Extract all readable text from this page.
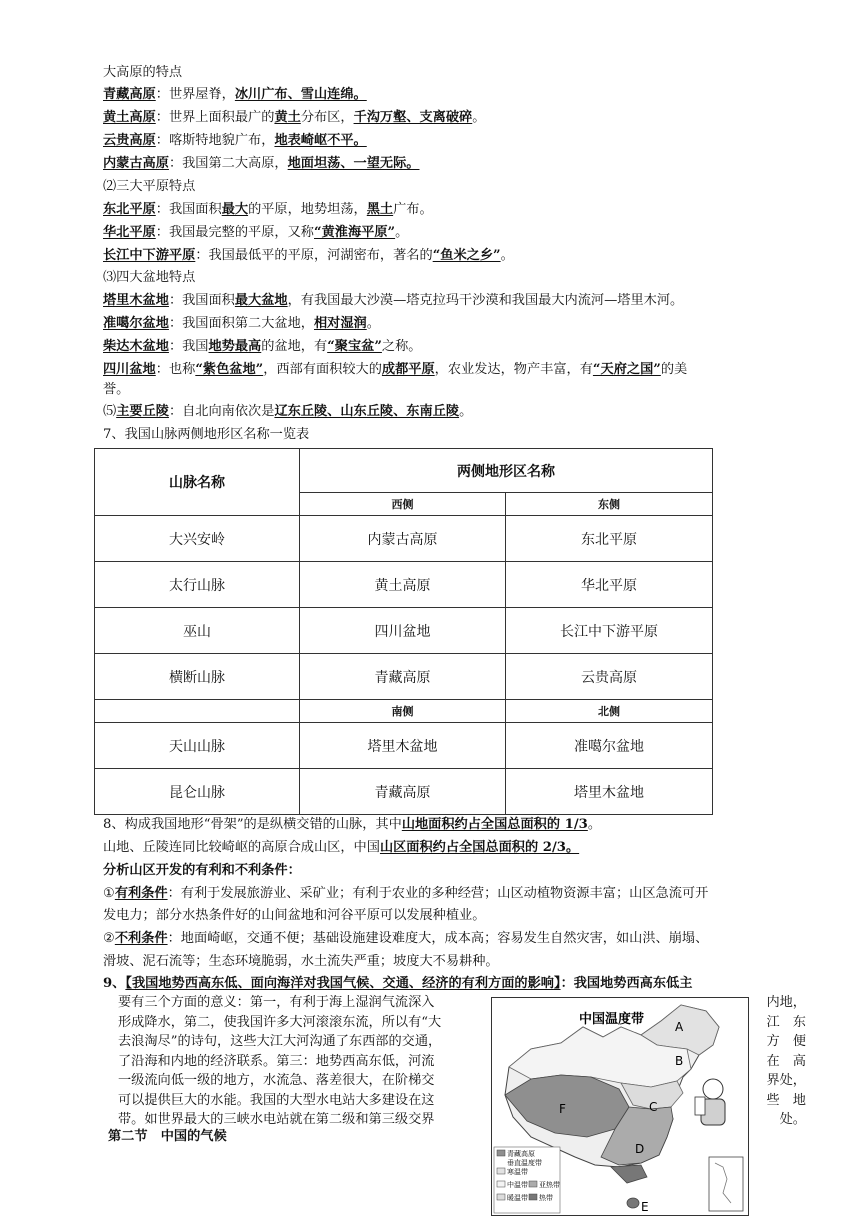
大高原的特点
青藏高原：世界屋脊，冰川广布、雪山连绵。
黄土高原：世界上面积最广的黄土分布区，千沟万壑、支离破碎。
云贵高原：喀斯特地貌广布，地表崎岖不平。
内蒙古高原：我国第二大高原，地面坦荡、一望无际。
⑵三大平原特点
东北平原：我国面积最大的平原，地势坦荡，黑土广布。
华北平原：我国最完整的平原，又称“黄淮海平原”。
长江中下游平原：我国最低平的平原，河湖密布，著名的“鱼米之乡”。
⑶四大盆地特点
塔里木盆地：我国面积最大盆地，有我国最大沙漠—塔克拉玛干沙漠和我国最大内流河—塔里木河。
准噶尔盆地：我国面积第二大盆地，相对湿润。
柴达木盆地：我国地势最高的盆地，有“聚宝盆”之称。
四川盆地：也称“紫色盆地”，西部有面积较大的成都平原，农业发达，物产丰富，有“天府之国”的美
誉。
⑸主要丘陵：自北向南依次是辽东丘陵、山东丘陵、东南丘陵。
7、我国山脉两侧地形区名称一览表
山脉名称	两侧地形区名称	
	西侧	东侧
大兴安岭	内蒙古高原	东北平原
太行山脉	黄土高原	华北平原
巫山	四川盆地	长江中下游平原
横断山脉	青藏高原	云贵高原
	南侧	北侧
天山山脉	塔里木盆地	准噶尔盆地
昆仑山脉	青藏高原	塔里木盆地
8、构成我国地形“骨架”的是纵横交错的山脉，其中山地面积约占全国总面积的 1/3。
山地、丘陵连同比较崎岖的高原合成山区，中国山区面积约占全国总面积的 2/3。
分析山区开发的有利和不利条件：
①有利条件：有利于发展旅游业、采矿业；有利于农业的多种经营；山区动植物资源丰富；山区急流可开
发电力；部分水热条件好的山间盆地和河谷平原可以发展种植业。
②不利条件：地面崎岖，交通不便；基础设施建设难度大，成本高；容易发生自然灾害，如山洪、崩塌、
滑坡、泥石流等；生态环境脆弱，水土流失严重；坡度大不易耕种。
9、【我国地势西高东低、面向海洋对我国气候、交通、经济的有利方面的影响】：我国地势西高东低主
要有三个方面的意义：第一，有利于海上湿润气流深入
形成降水，第二，使我国许多大河滚滚东流，所以有“大
去浪淘尽”的诗句，这些大江大河沟通了东西部的交通，
了沿海和内地的经济联系。第三：地势西高东低，河流
一级流向低一级的地方，水流急、落差很大，在阶梯交
可以提供巨大的水能。我国的大型水电站大多建设在这
带。如世界最大的三峡水电站就在第二级和第三级交界
内地，
江　东
方　便
在　高
界处，
些　地
处。
中国温度带	A
B
C
D
E
F
青藏高原
垂直温度带
寒温带
中温带 亚热带
暖温带 热带
第二节　中国的气候
